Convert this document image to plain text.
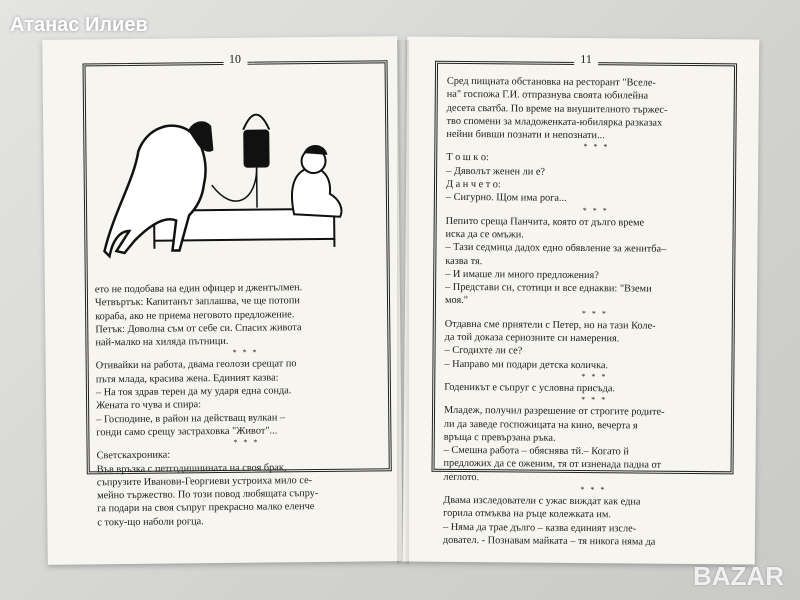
Атанас Илиев
BAZAR
10

ето не подобава на един офицер и джентълмен.

Четвъртък: Капитанът заплашва, че ще потопи

кораба, ако не приема неговото предложение.

Петък: Доволна съм от себе си. Спасих живота

най-малко на хиляда пътници.

* * *

Отивайки на работа, двама геолози срещат по

пътя млада, красива жена. Единият казва:

– На тоя здрав терен да му ударя една сонда.

Жената го чува и спира:

– Господине, в район на действащ вулкан –

гонди само срещу застраховка "Живот"...

* * *

Светскахроника:

Във връзка с петгодишнината на своя брак,

съпрузите Иванови-Георгиеви устроиха мило се-

мейно тържество. По този повод любящата съпру-

га подари на своя съпруг прекрасно малко еленче

с току-що наболи рогца.

11

Сред пищната обстановка на ресторант "Вселе-

на" госпожа Г.И. отпразнува своята юбилейна

десета сватба. По време на внушителното тържес-

тво спомени за младоженката-юбилярка разказах

нейни бивши познати и непознати...

* * *

Т о ш к о:

– Дяволът женен ли е?

Д а н ч е т о:

– Сигурно. Щом има рога...

* * *

Пепито среща Панчита, която от дълго време

иска да се омъжи.

– Тази седмица дадох едно обявление за женитба–

казва тя.

– И имаше ли много предложения?

– Представи си, стотици и все еднакви: "Вземи

моя."

* * *

Отдавна сме приятели с Петер, но на тази Коле-

да той доказа сериозните си намерения.

– Сгодихте ли се?

– Направо ми подари детска количка.

* * *

Годеникът е съпруг с условна присъда.

* * *

Младеж, получил разрешение от строгите родите-

ли да заведе госпожицата на кино, вечерта я

връща с превързана ръка.

– Смешна работа – обяснява тй.– Когато й

предложих да се оженим, тя от изненада падна от

леглото.

* * *

Двама изследователи с ужас виждат как една

горила отмъква на ръце колежката им.

– Няма да трае дълго – казва единият изсле-

довател. - Познавам майката – тя никога няма да
